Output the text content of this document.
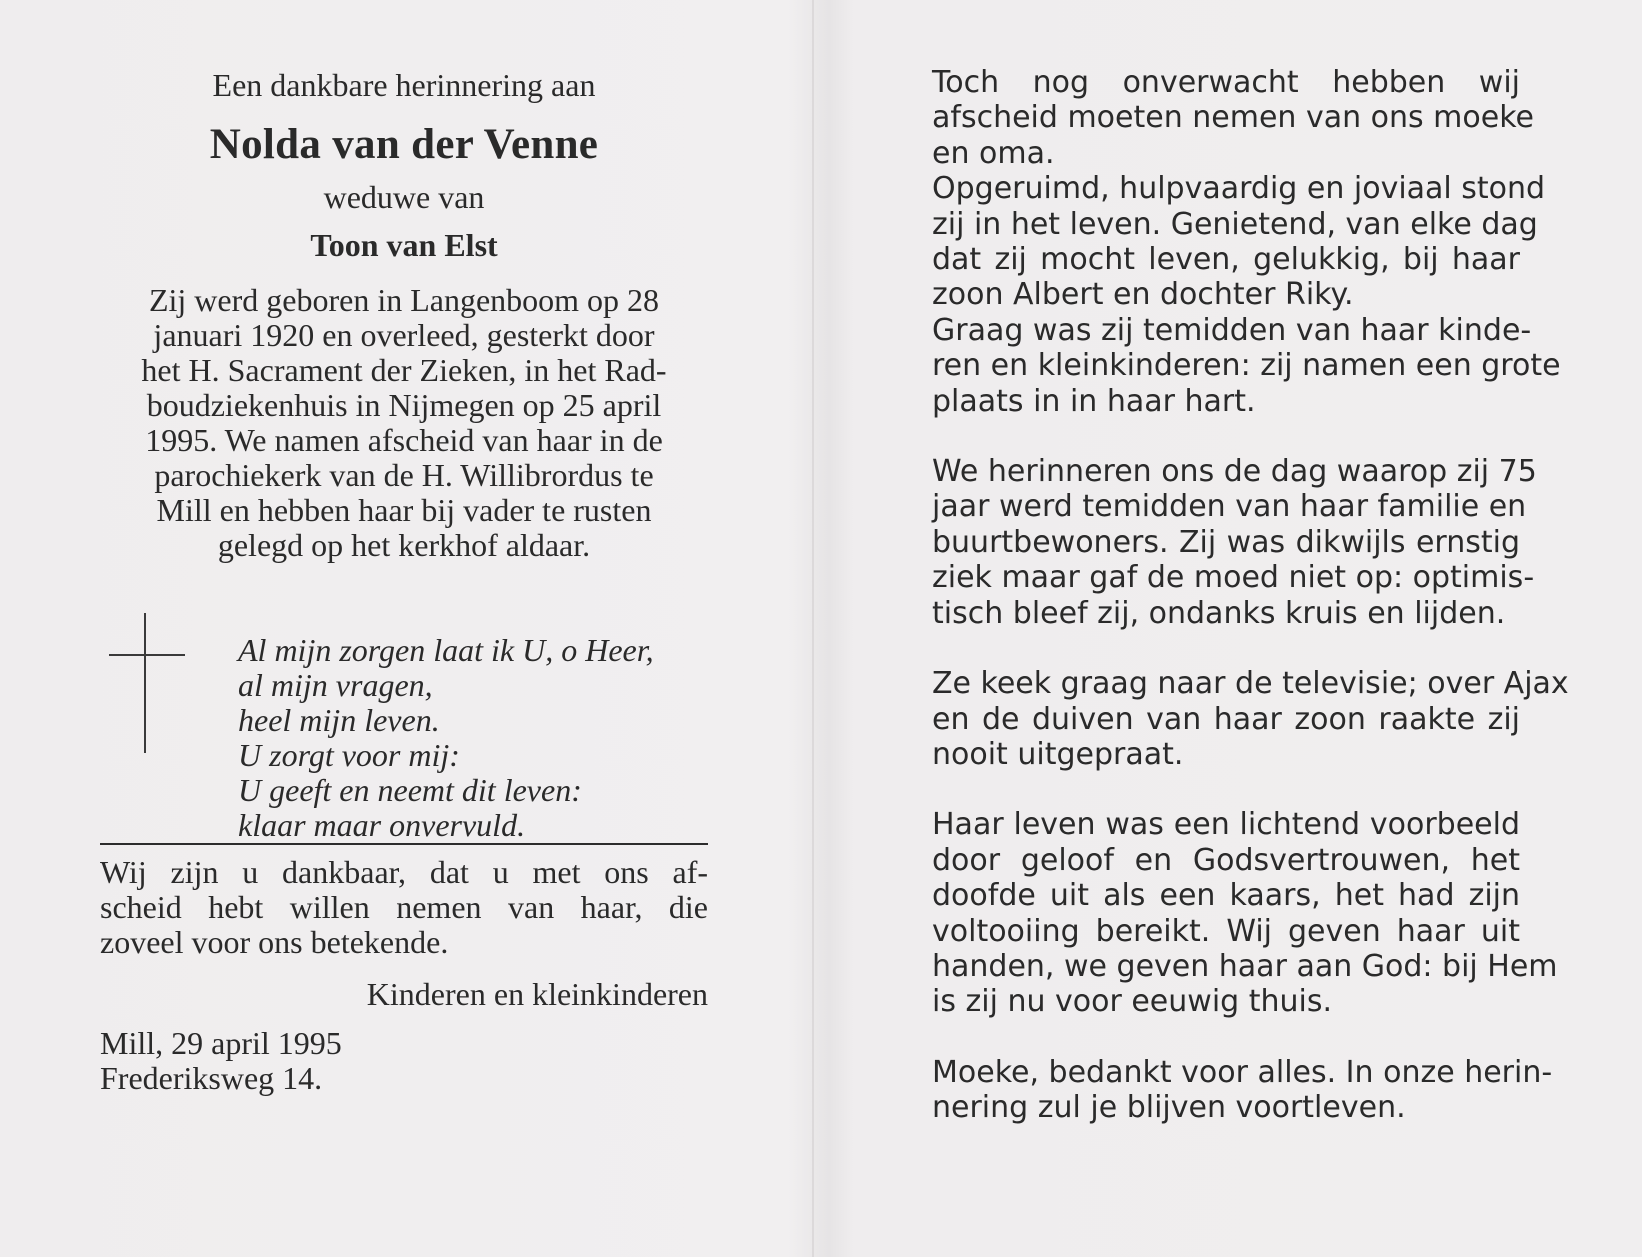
Een dankbare herinnering aan

Nolda van der Venne

weduwe van

Toon van Elst

Zij werd geboren in Langenboom op 28
januari 1920 en overleed, gesterkt door
het H. Sacrament der Zieken, in het Rad-
boudziekenhuis in Nijmegen op 25 april
1995. We namen afscheid van haar in de
parochiekerk van de H. Willibrordus te
Mill en hebben haar bij vader te rusten
gelegd op het kerkhof aldaar.

Al mijn zorgen laat ik U, o Heer,
al mijn vragen,
heel mijn leven.
U zorgt voor mij:
U geeft en neemt dit leven:
klaar maar onvervuld.

Wij zijn u dankbaar, dat u met ons af-
scheid hebt willen nemen van haar, die
zoveel voor ons betekende.

Kinderen en kleinkinderen

Mill, 29 april 1995
Frederiksweg 14.

Toch nog onverwacht hebben wij
afscheid moeten nemen van ons moeke
en oma.

Opgeruimd, hulpvaardig en joviaal stond
zij in het leven. Genietend, van elke dag
dat zij mocht leven, gelukkig, bij haar
zoon Albert en dochter Riky.

Graag was zij temidden van haar kinde-
ren en kleinkinderen: zij namen een grote
plaats in in haar hart.

We herinneren ons de dag waarop zij 75
jaar werd temidden van haar familie en
buurtbewoners. Zij was dikwijls ernstig
ziek maar gaf de moed niet op: optimis-
tisch bleef zij, ondanks kruis en lijden.

Ze keek graag naar de televisie; over Ajax
en de duiven van haar zoon raakte zij
nooit uitgepraat.

Haar leven was een lichtend voorbeeld
door geloof en Godsvertrouwen, het
doofde uit als een kaars, het had zijn
voltooiing bereikt. Wij geven haar uit
handen, we geven haar aan God: bij Hem
is zij nu voor eeuwig thuis.

Moeke, bedankt voor alles. In onze herin-
nering zul je blijven voortleven.
